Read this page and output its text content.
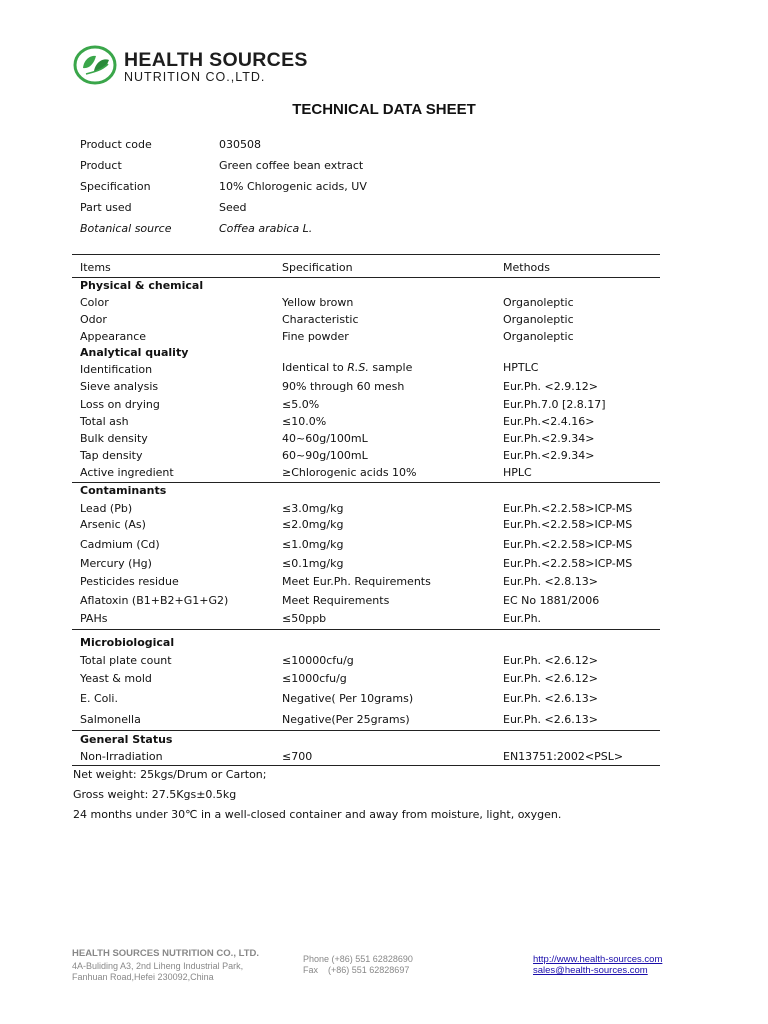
HEALTH SOURCES
NUTRITION CO.,LTD.
TECHNICAL DATA SHEET
Product code	030508
Product	Green coffee bean extract
Specification	10% Chlorogenic acids, UV
Part used	Seed
Botanical source	Coffea arabica L.
Items	Specification	Methods
Physical & chemical
Color	Yellow brown	Organoleptic
Odor	Characteristic	Organoleptic
Appearance	Fine powder	Organoleptic
Analytical quality
Identification	Identical to R.S. sample	HPTLC
Sieve analysis	90% through 60 mesh	Eur.Ph. <2.9.12>
Loss on drying	≤5.0%	Eur.Ph.7.0 [2.8.17]
Total ash	≤10.0%	Eur.Ph.<2.4.16>
Bulk density	40~60g/100mL	Eur.Ph.<2.9.34>
Tap density	60~90g/100mL	Eur.Ph.<2.9.34>
Active ingredient	≥Chlorogenic acids 10%	HPLC
Contaminants
Lead (Pb)	≤3.0mg/kg	Eur.Ph.<2.2.58>ICP-MS
Arsenic (As)	≤2.0mg/kg	Eur.Ph.<2.2.58>ICP-MS
Cadmium (Cd)	≤1.0mg/kg	Eur.Ph.<2.2.58>ICP-MS
Mercury (Hg)	≤0.1mg/kg	Eur.Ph.<2.2.58>ICP-MS
Pesticides residue	Meet Eur.Ph. Requirements	Eur.Ph. <2.8.13>
Aflatoxin (B1+B2+G1+G2)	Meet Requirements	EC No 1881/2006
PAHs	≤50ppb	Eur.Ph.
Microbiological
Total plate count	≤10000cfu/g	Eur.Ph. <2.6.12>
Yeast & mold	≤1000cfu/g	Eur.Ph. <2.6.12>
E. Coli.	Negative( Per 10grams)	Eur.Ph. <2.6.13>
Salmonella	Negative(Per 25grams)	Eur.Ph. <2.6.13>
General Status
Non-Irradiation	≤700	EN13751:2002<PSL>
Net weight: 25kgs/Drum or Carton;
Gross weight: 27.5Kgs±0.5kg
24 months under 30℃ in a well-closed container and away from moisture, light, oxygen.
HEALTH SOURCES NUTRITION CO., LTD.
4A-Buliding A3, 2nd Liheng Industrial Park,
Fanhuan Road,Hefei 230092,China
Phone (+86) 551 62828690
Fax    (+86) 551 62828697
http://www.health-sources.com
sales@health-sources.com
